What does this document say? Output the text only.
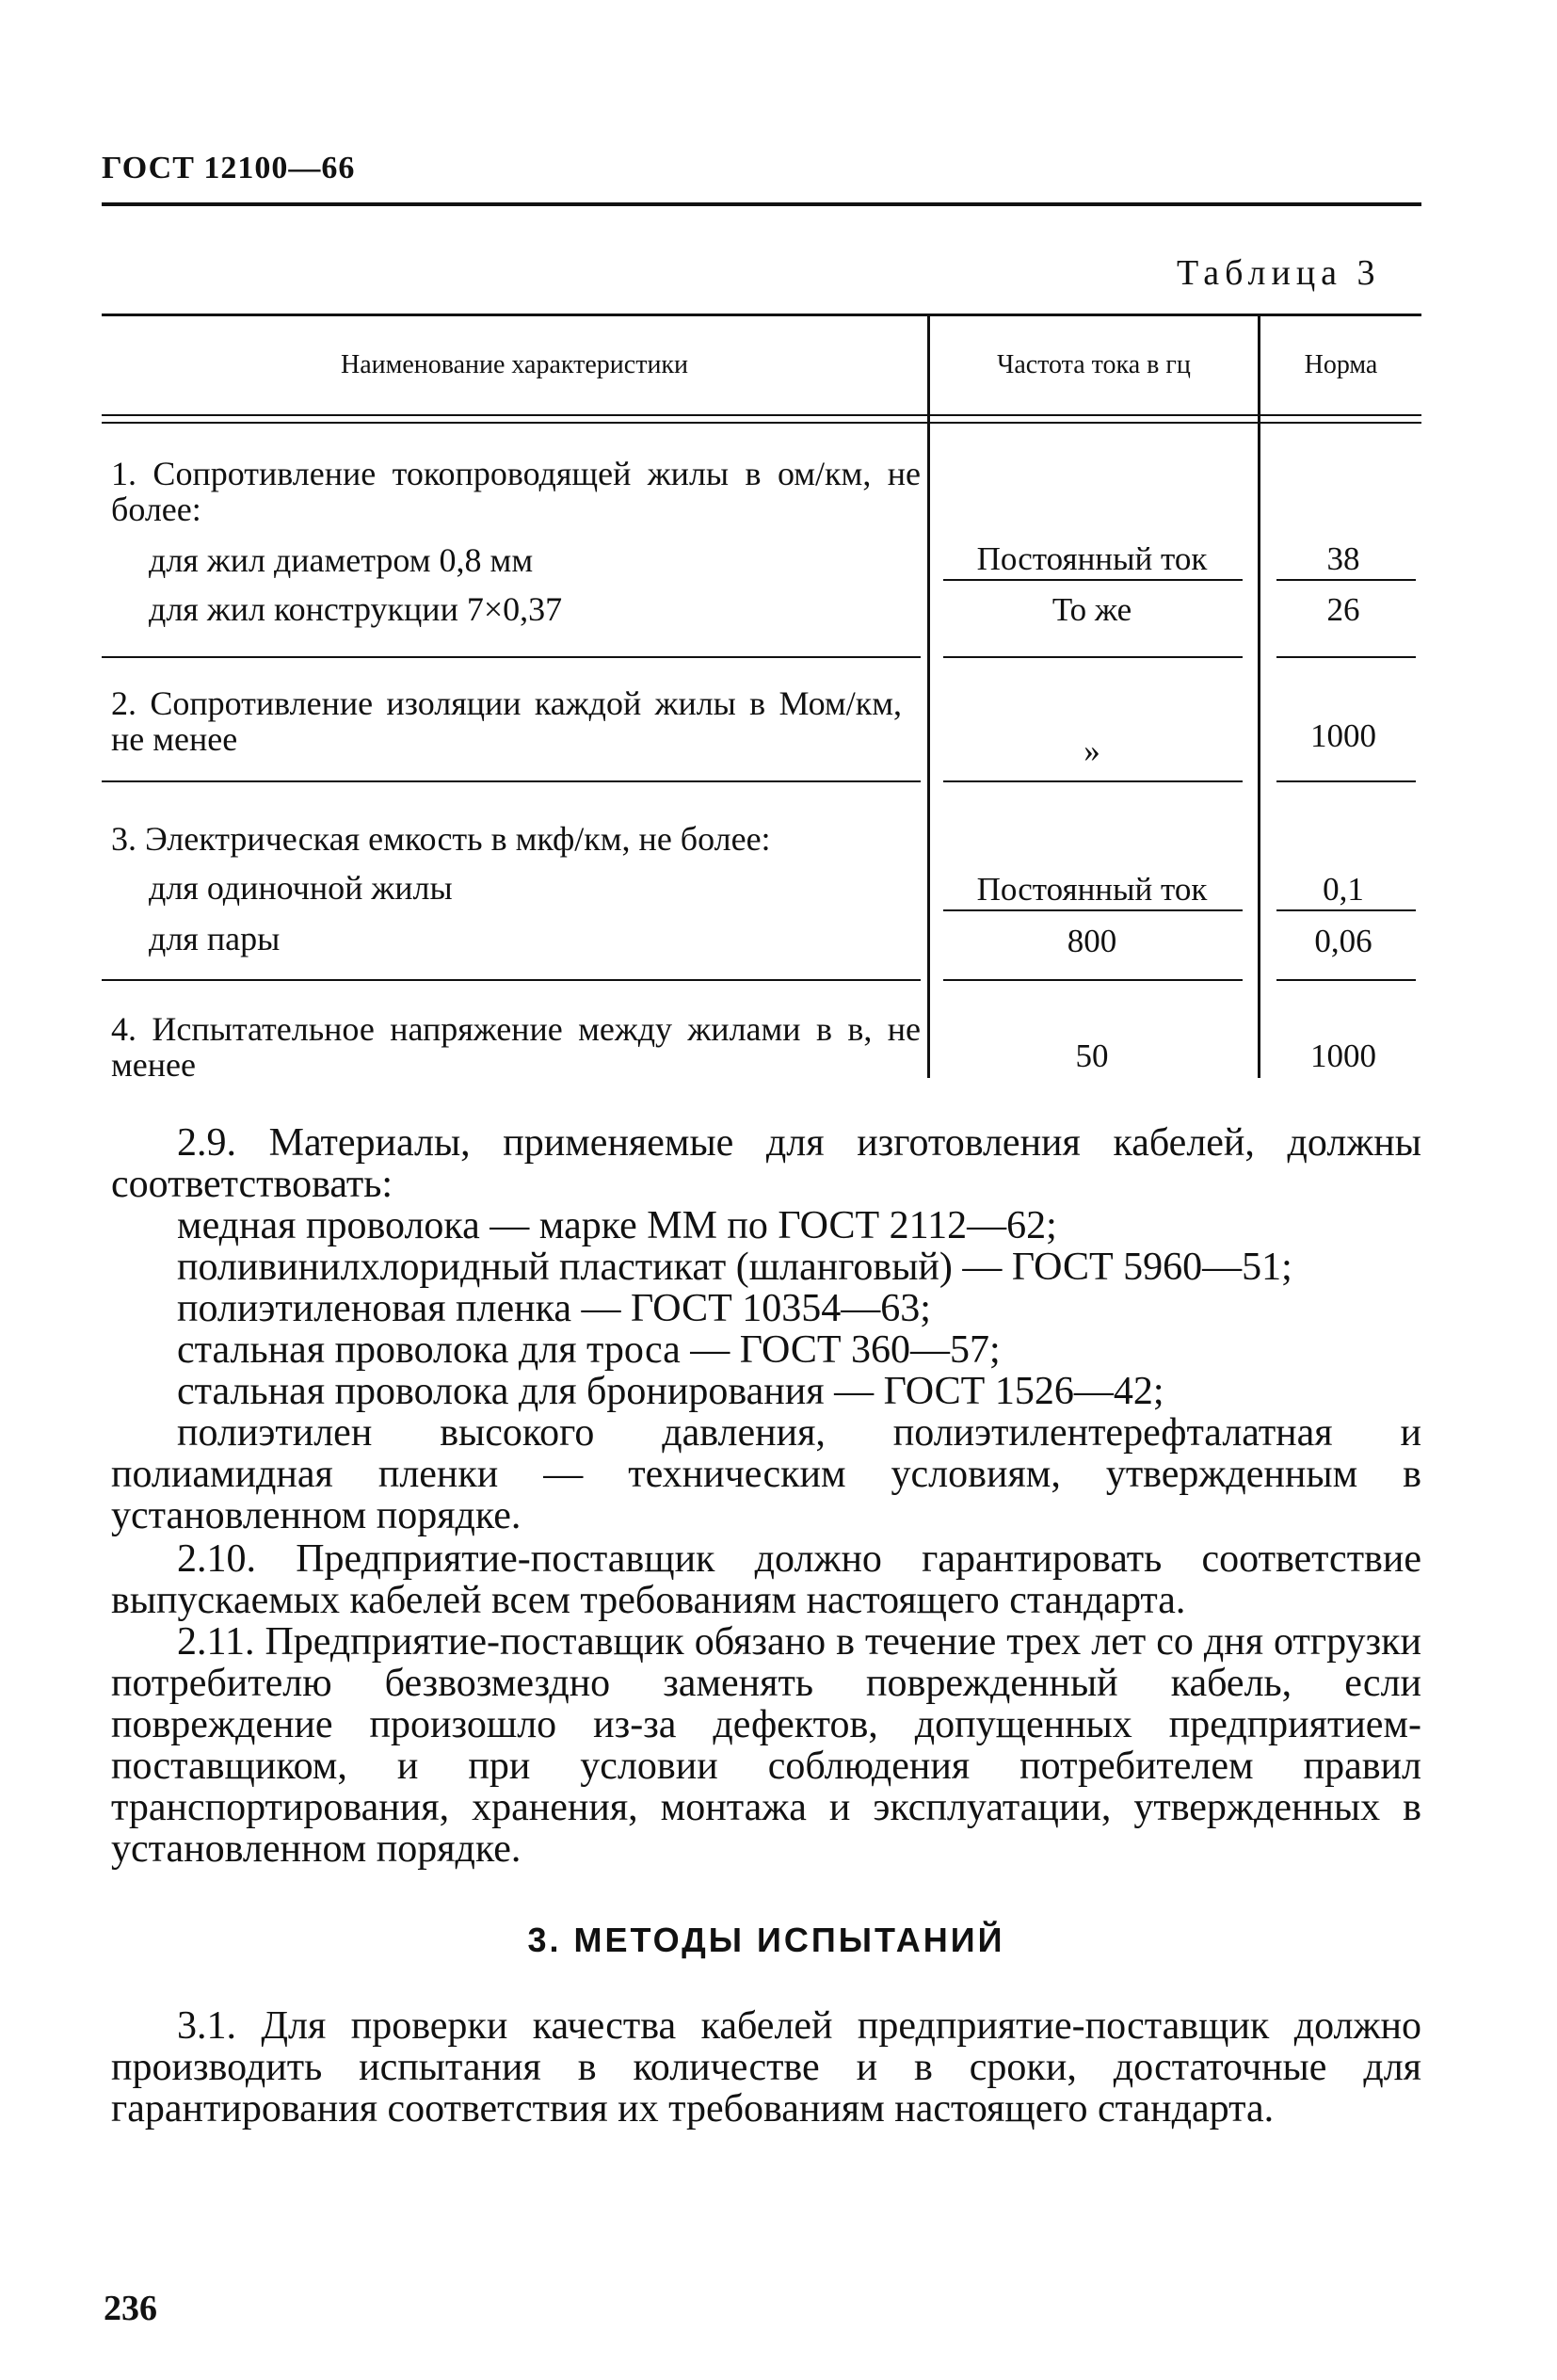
ГОСТ 12100—66
Таблица 3
Наименование характеристики	Частота тока в гц	Норма
1. Сопротивление токопроводящей жилы в ом/км, не более:
для жил диаметром 0,8 мм	Постоянный ток	38
для жил конструкции 7×0,37	То же	26
2. Сопротивление изоляции каждой жилы в Мом/км, не менее	»	1000
3. Электрическая емкость в мкф/км, не более:
для одиночной жилы	Постоянный ток	0,1
для пары	800	0,06
4. Испытательное напряжение между жилами в в, не менее	50	1000
2.9. Материалы, применяемые для изготовления кабелей, должны соответствовать:
медная проволока — марке ММ по ГОСТ 2112—62;
поливинилхлоридный пластикат (шланговый) — ГОСТ 5960—51;
полиэтиленовая пленка — ГОСТ 10354—63;
стальная проволока для троса — ГОСТ 360—57;
стальная проволока для бронирования — ГОСТ 1526—42;
полиэтилен высокого давления, полиэтилентерефталатная и полиамидная пленки — техническим условиям, утвержденным в установленном порядке.
2.10. Предприятие-поставщик должно гарантировать соответствие выпускаемых кабелей всем требованиям настоящего стандарта.
2.11. Предприятие-поставщик обязано в течение трех лет со дня отгрузки потребителю безвозмездно заменять поврежденный кабель, если повреждение произошло из-за дефектов, допущенных предприятием-поставщиком, и при условии соблюдения потребителем правил транспортирования, хранения, монтажа и эксплуатации, утвержденных в установленном порядке.
3. МЕТОДЫ ИСПЫТАНИЙ
3.1. Для проверки качества кабелей предприятие-поставщик должно производить испытания в количестве и в сроки, достаточные для гарантирования соответствия их требованиям настоящего стандарта.
236
